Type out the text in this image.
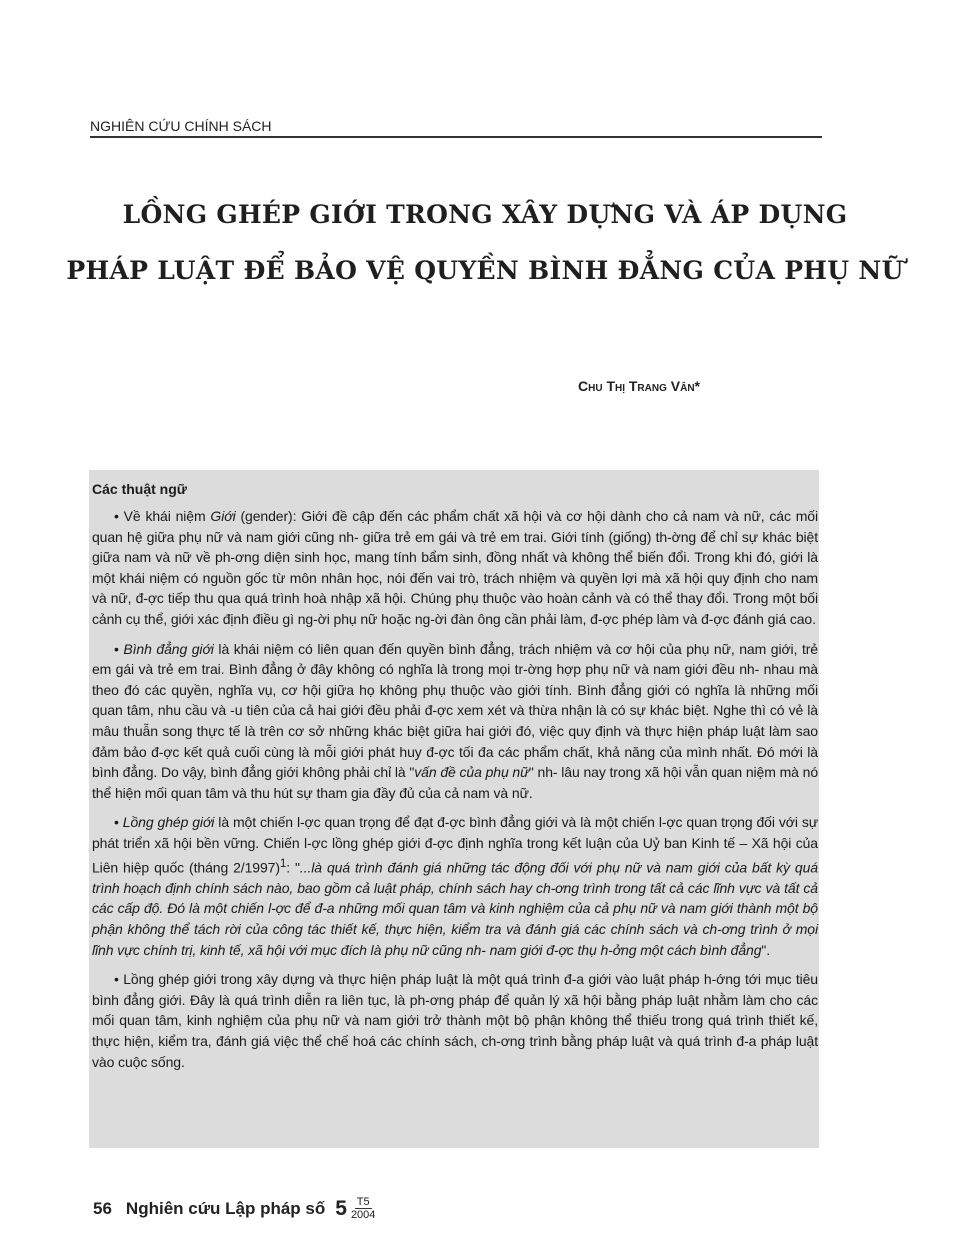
NGHIÊN CỨU CHÍNH SÁCH
LỒNG GHÉP GIỚI TRONG XÂY DỰNG VÀ ÁP DỤNG
PHÁP LUẬT ĐỂ BẢO VỆ QUYỀN BÌNH ĐẲNG CỦA PHỤ NỮ
Chu Thị Trang Vân*
Các thuật ngữ

• Về khái niệm Giới (gender): Giới đề cập đến các phẩm chất xã hội và cơ hội dành cho cả nam và nữ, các mối quan hệ giữa phụ nữ và nam giới cũng nh- giữa trẻ em gái và trẻ em trai. Giới tính (giống) th-ờng để chỉ sự khác biệt giữa nam và nữ về ph-ơng diện sinh học, mang tính bẩm sinh, đồng nhất và không thể biến đổi. Trong khi đó, giới là một khái niệm có nguồn gốc từ môn nhân học, nói đến vai trò, trách nhiệm và quyền lợi mà xã hội quy định cho nam và nữ, đ-ợc tiếp thu qua quá trình hoà nhập xã hội. Chúng phụ thuộc vào hoàn cảnh và có thể thay đổi. Trong một bối cảnh cụ thể, giới xác định điều gì ng-ời phụ nữ hoặc ng-ời đàn ông cần phải làm, đ-ợc phép làm và đ-ợc đánh giá cao.

• Bình đẳng giới là khái niệm có liên quan đến quyền bình đẳng, trách nhiệm và cơ hội của phụ nữ, nam giới, trẻ em gái và trẻ em trai. Bình đẳng ở đây không có nghĩa là trong mọi tr-ờng hợp phụ nữ và nam giới đều nh- nhau mà theo đó các quyền, nghĩa vụ, cơ hội giữa họ không phụ thuộc vào giới tính. Bình đẳng giới có nghĩa là những mối quan tâm, nhu cầu và -u tiên của cả hai giới đều phải đ-ợc xem xét và thừa nhận là có sự khác biệt. Nghe thì có vẻ là mâu thuẫn song thực tế là trên cơ sở những khác biệt giữa hai giới đó, việc quy định và thực hiện pháp luật làm sao đảm bảo đ-ợc kết quả cuối cùng là mỗi giới phát huy đ-ợc tối đa các phẩm chất, khả năng của mình nhất. Đó mới là bình đẳng. Do vậy, bình đẳng giới không phải chỉ là "vấn đề của phụ nữ" nh- lâu nay trong xã hội vẫn quan niệm mà nó thể hiện mối quan tâm và thu hút sự tham gia đầy đủ của cả nam và nữ.

• Lồng ghép giới là một chiến l-ợc quan trọng để đạt đ-ợc bình đẳng giới và là một chiến l-ợc quan trọng đối với sự phát triển xã hội bền vững. Chiến l-ợc lồng ghép giới đ-ợc định nghĩa trong kết luận của Uỷ ban Kinh tế – Xã hội của Liên hiệp quốc (tháng 2/1997)$^1$: "...là quá trình đánh giá những tác động đối với phụ nữ và nam giới của bất kỳ quá trình hoạch định chính sách nào, bao gồm cả luật pháp, chính sách hay ch-ơng trình trong tất cả các lĩnh vực và tất cả các cấp độ. Đó là một chiến l-ợc để đ-a những mối quan tâm và kinh nghiệm của cả phụ nữ và nam giới thành một bộ phận không thể tách rời của công tác thiết kế, thực hiện, kiểm tra và đánh giá các chính sách và ch-ơng trình ở mọi lĩnh vực chính trị, kinh tế, xã hội với mục đích là phụ nữ cũng nh- nam giới đ-ợc thụ h-ởng một cách bình đẳng".

• Lồng ghép giới trong xây dựng và thực hiện pháp luật là một quá trình đ-a giới vào luật pháp h-ớng tới mục tiêu bình đẳng giới. Đây là quá trình diễn ra liên tục, là ph-ơng pháp để quản lý xã hội bằng pháp luật nhằm làm cho các mối quan tâm, kinh nghiệm của phụ nữ và nam giới trở thành một bộ phận không thể thiếu trong quá trình thiết kế, thực hiện, kiểm tra, đánh giá việc thể chế hoá các chính sách, ch-ơng trình bằng pháp luật và quá trình đ-a pháp luật vào cuộc sống.

56 Nghiên cứu Lập pháp số $5 \frac{T5}{2004}$
